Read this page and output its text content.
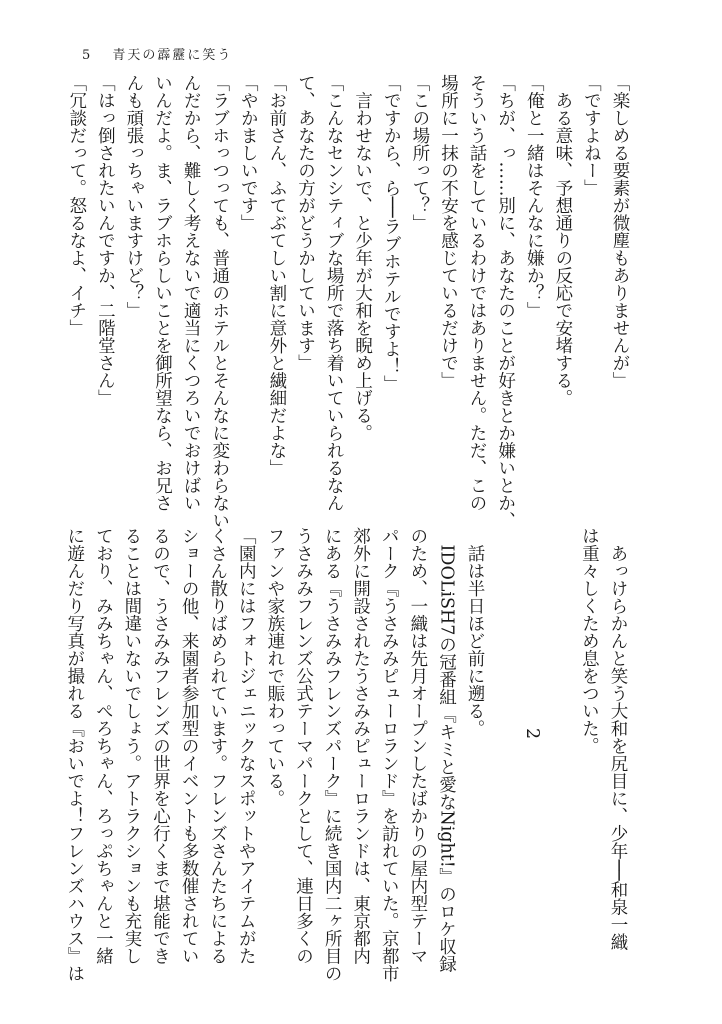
5 青天の霹靂に笑う
「楽しめる要素が微塵もありませんが」
「ですよねー」
　ある意味、予想通りの反応で安堵する。
「俺と一緒はそんなに嫌か？」
「ちが、っ……別に、あなたのことが好きとか嫌いとか、
そういう話をしているわけではありません。ただ、この
場所に一抹の不安を感じているだけで」
「この場所って？」
「ですから、ら──ラブホテルですよ！」
　言わせないで、と少年が大和を睨め上げる。
「こんなセンシティブな場所で落ち着いていられるなん
て、あなたの方がどうかしています」
「お前さん、ふてぶてしい割に意外と繊細だよな」
「やかましいです」
「ラブホっつっても、普通のホテルとそんなに変わらない
んだから、難しく考えないで適当にくつろいでおけばい
いんだよ。ま、ラブホらしいことを御所望なら、お兄さ
んも頑張っちゃいますけど？」
「はっ倒されたいんですか、二階堂さん」
「冗談だって。怒るなよ、イチ」
　あっけらかんと笑う大和を尻目に、少年──和泉一織
は重々しくため息をついた。
2
　話は半日ほど前に遡る。
　IDOLiSH7の冠番組『キミと愛なNight!』のロケ収録
のため、一織は先月オープンしたばかりの屋内型テーマ
パーク『うさみみピューロランド』を訪れていた。京都市
郊外に開設されたうさみみピューロランドは、東京都内
にある『うさみみフレンズパーク』に続き国内二ヶ所目の
うさみみフレンズ公式テーマパークとして、連日多くの
ファンや家族連れで賑わっている。
「園内にはフォトジェニックなスポットやアイテムがた
くさん散りばめられています。フレンズさんたちによる
ショーの他、来園者参加型のイベントも多数催されてい
るので、うさみみフレンズの世界を心行くまで堪能でき
ることは間違いないでしょう。アトラクションも充実し
ており、みみちゃん、ぺろちゃん、ろっぷちゃんと一緒
に遊んだり写真が撮れる『おいでよ！フレンズハウス』は
